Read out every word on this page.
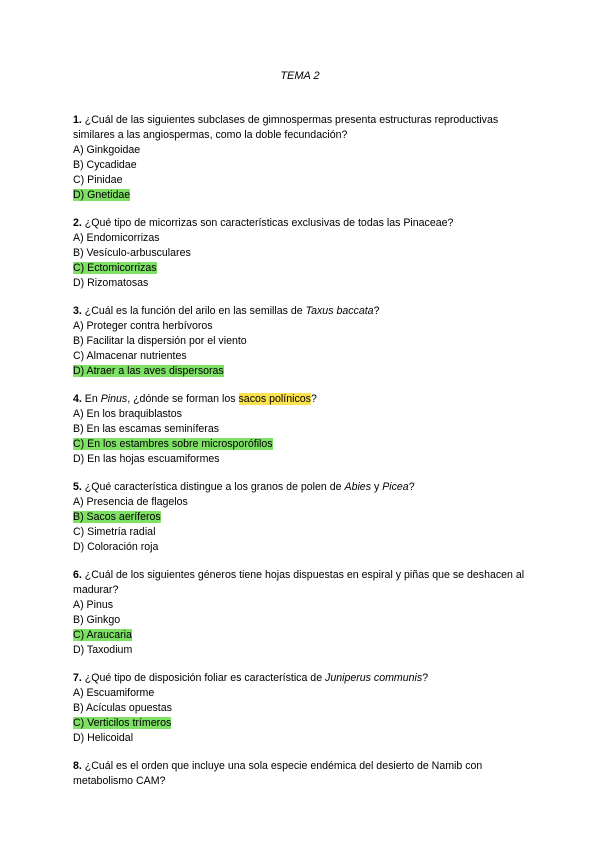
TEMA 2

1. ¿Cuál de las siguientes subclases de gimnospermas presenta estructuras reproductivas similares a las angiospermas, como la doble fecundación?

A) Ginkgoidae

B) Cycadidae

C) Pinidae

D) Gnetidae

2. ¿Qué tipo de micorrizas son características exclusivas de todas las Pinaceae?

A) Endomicorrizas

B) Vesículo-arbusculares

C) Ectomicorrizas

D) Rizomatosas

3. ¿Cuál es la función del arilo en las semillas de Taxus baccata?

A) Proteger contra herbívoros

B) Facilitar la dispersión por el viento

C) Almacenar nutrientes

D) Atraer a las aves dispersoras

4. En Pinus, ¿dónde se forman los sacos polínicos?

A) En los braquiblastos

B) En las escamas seminíferas

C) En los estambres sobre microsporófilos

D) En las hojas escuamiformes

5. ¿Qué característica distingue a los granos de polen de Abies y Picea?

A) Presencia de flagelos

B) Sacos aeríferos

C) Simetría radial

D) Coloración roja

6. ¿Cuál de los siguientes géneros tiene hojas dispuestas en espiral y piñas que se deshacen al madurar?

A) Pinus

B) Ginkgo

C) Araucaria

D) Taxodium

7. ¿Qué tipo de disposición foliar es característica de Juniperus communis?

A) Escuamiforme

B) Acículas opuestas

C) Verticilos trímeros

D) Helicoidal

8. ¿Cuál es el orden que incluye una sola especie endémica del desierto de Namib con metabolismo CAM?
